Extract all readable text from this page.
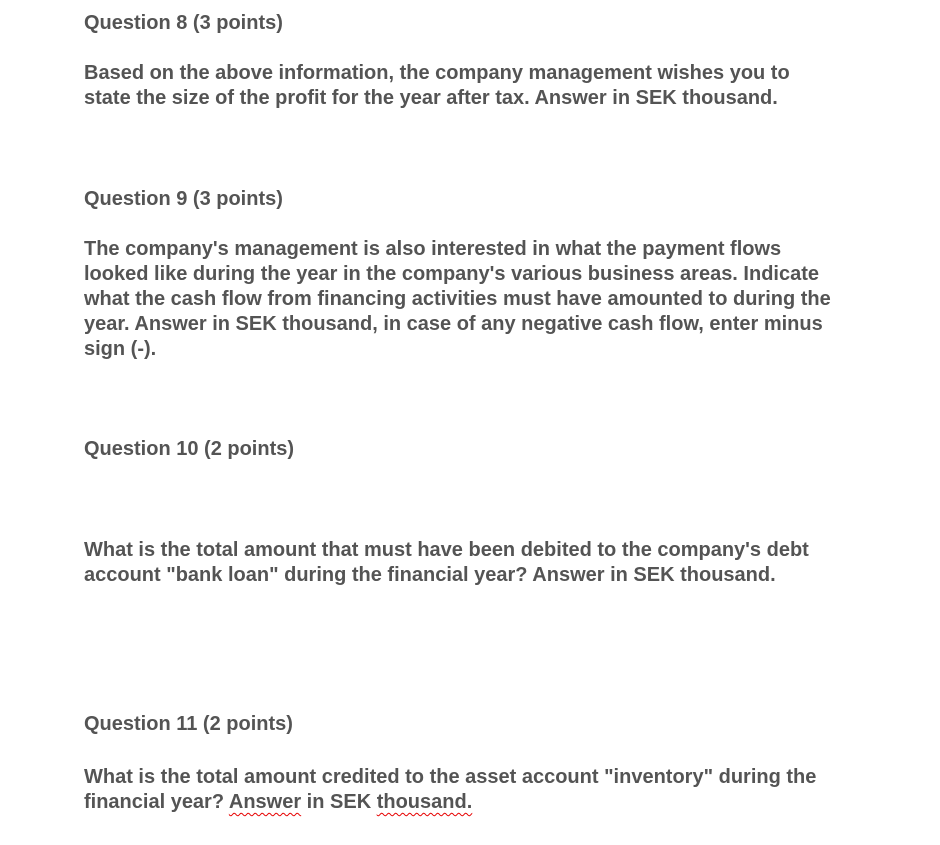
Question 8 (3 points)
Based on the above information, the company management wishes you to
state the size of the profit for the year after tax. Answer in SEK thousand.
Question 9 (3 points)
The company's management is also interested in what the payment flows
looked like during the year in the company's various business areas. Indicate
what the cash flow from financing activities must have amounted to during the
year. Answer in SEK thousand, in case of any negative cash flow, enter minus
sign (-).
Question 10 (2 points)
What is the total amount that must have been debited to the company's debt
account "bank loan" during the financial year? Answer in SEK thousand.
Question 11 (2 points)
What is the total amount credited to the asset account "inventory" during the
financial year? Answer in SEK thousand.
